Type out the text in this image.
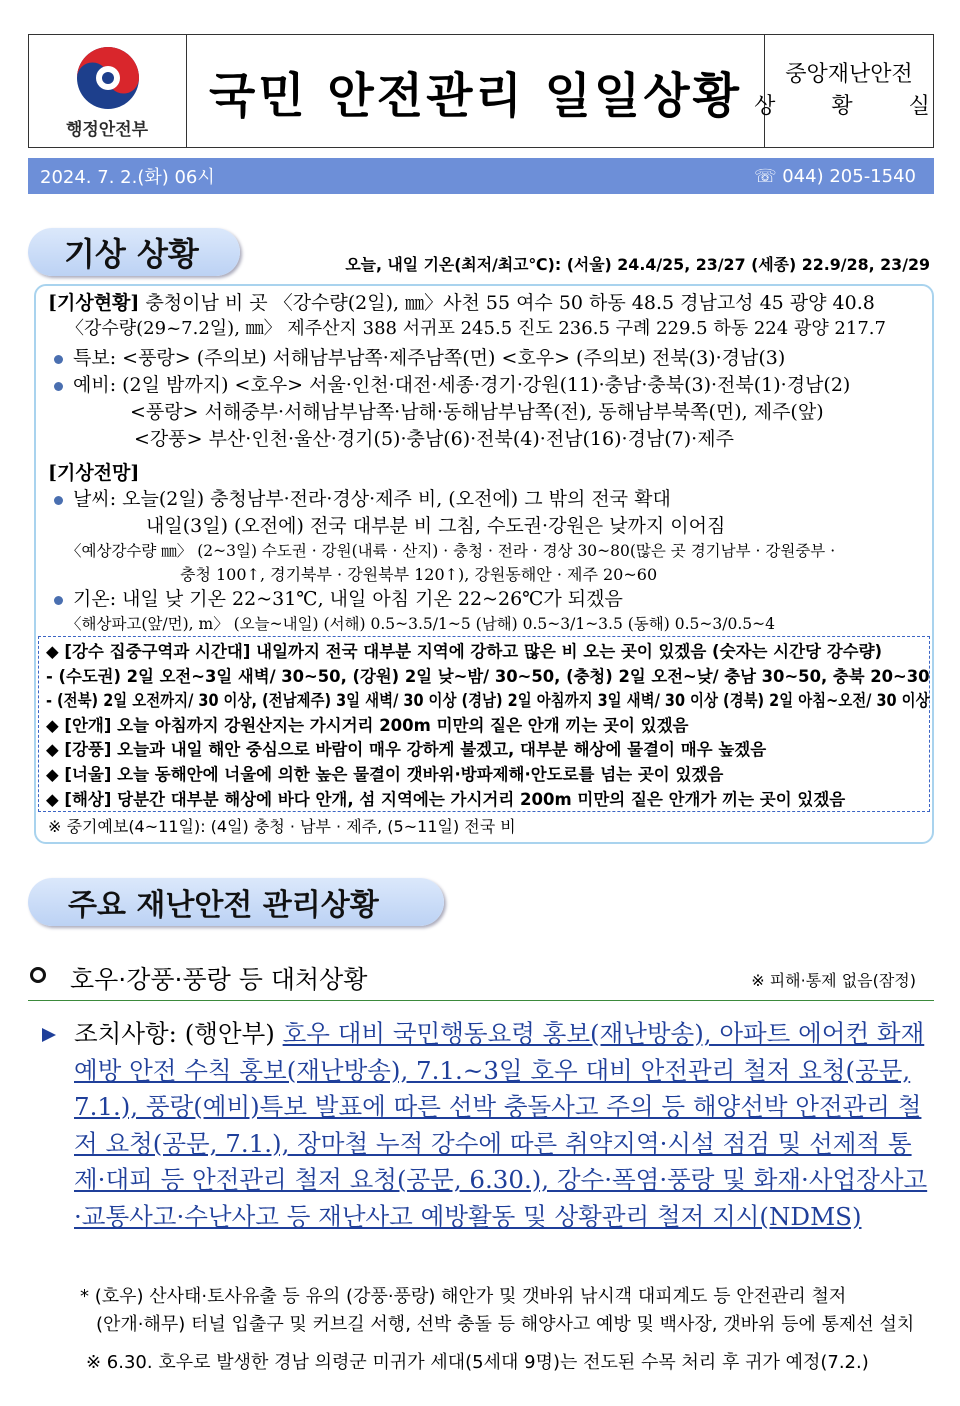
행정안전부
국민 안전관리 일일상황	중앙재난안전
상  황  실
2024. 7. 2.(화) 06시	☏ 044) 205-1540
기상 상황	오늘, 내일 기온(최저/최고℃): (서울) 24.4/25, 23/27 (세종) 22.9/28, 23/29
[기상현황] 충청이남 비 곳 〈강수량(2일), ㎜〉사천 55 여수 50 하동 48.5 경남고성 45 광양 40.8
〈강수량(29~7.2일), ㎜〉 제주산지 388 서귀포 245.5 진도 236.5 구례 229.5 하동 224 광양 217.7
특보: <풍랑> (주의보) 서해남부남쪽·제주남쪽(먼) <호우> (주의보) 전북(3)·경남(3)
예비: (2일 밤까지) <호우> 서울·인천·대전·세종·경기·강원(11)·충남·충북(3)·전북(1)·경남(2)
<풍랑> 서해중부·서해남부남쪽·남해·동해남부남쪽(전), 동해남부북쪽(먼), 제주(앞)
<강풍> 부산·인천·울산·경기(5)·충남(6)·전북(4)·전남(16)·경남(7)·제주
[기상전망]
날씨: 오늘(2일) 충청남부·전라·경상·제주 비, (오전에) 그 밖의 전국 확대
내일(3일) (오전에) 전국 대부분 비 그침, 수도권·강원은 낮까지 이어짐
〈예상강수량 ㎜〉 (2~3일) 수도권 · 강원(내륙 · 산지) · 충청 · 전라 · 경상 30~80(많은 곳 경기남부 · 강원중부 ·
충청 100↑, 경기북부 · 강원북부 120↑), 강원동해안 · 제주 20~60
기온: 내일 낮 기온 22~31℃, 내일 아침 기온 22~26℃가 되겠음
〈해상파고(앞/먼), m〉 (오늘~내일) (서해) 0.5~3.5/1~5 (남해) 0.5~3/1~3.5 (동해) 0.5~3/0.5~4
◆ [강수 집중구역과 시간대] 내일까지 전국 대부분 지역에 강하고 많은 비 오는 곳이 있겠음 (숫자는 시간당 강수량)
- (수도권) 2일 오전~3일 새벽/ 30~50, (강원) 2일 낮~밤/ 30~50, (충청) 2일 오전~낮/ 충남 30~50, 충북 20~30
- (전북) 2일 오전까지/ 30 이상, (전남제주) 3일 새벽/ 30 이상 (경남) 2일 아침까지 3일 새벽/ 30 이상 (경북) 2일 아침~오전/ 30 이상
◆ [안개] 오늘 아침까지 강원산지는 가시거리 200m 미만의 짙은 안개 끼는 곳이 있겠음
◆ [강풍] 오늘과 내일 해안 중심으로 바람이 매우 강하게 불겠고, 대부분 해상에 물결이 매우 높겠음
◆ [너울] 오늘 동해안에 너울에 의한 높은 물결이 갯바위·방파제해·안도로를 넘는 곳이 있겠음
◆ [해상] 당분간 대부분 해상에 바다 안개, 섬 지역에는 가시거리 200m 미만의 짙은 안개가 끼는 곳이 있겠음
※ 중기예보(4~11일): (4일) 충청 · 남부 · 제주, (5~11일) 전국 비
주요 재난안전 관리상황
호우·강풍·풍랑 등 대처상황	※ 피해·통제 없음(잠정)
조치사항: (행안부) 호우 대비 국민행동요령 홍보(재난방송), 아파트 에어컨 화재 예방 안전 수칙 홍보(재난방송), 7.1.~3일 호우 대비 안전관리 철저 요청(공문, 7.1.), 풍랑(예비)특보 발표에 따른 선박 충돌사고 주의 등 해양선박 안전관리 철저 요청(공문, 7.1.), 장마철 누적 강수에 따른 취약지역·시설 점검 및 선제적 통제·대피 등 안전관리 철저 요청(공문, 6.30.), 강수·폭염·풍랑 및 화재·사업장사고·교통사고·수난사고 등 재난사고 예방활동 및 상황관리 철저 지시(NDMS)
* (호우) 산사태·토사유출 등 유의 (강풍·풍랑) 해안가 및 갯바위 낚시객 대피계도 등 안전관리 철저
(안개·해무) 터널 입출구 및 커브길 서행, 선박 충돌 등 해양사고 예방 및 백사장, 갯바위 등에 통제선 설치
※ 6.30. 호우로 발생한 경남 의령군 미귀가 세대(5세대 9명)는 전도된 수목 처리 후 귀가 예정(7.2.)
